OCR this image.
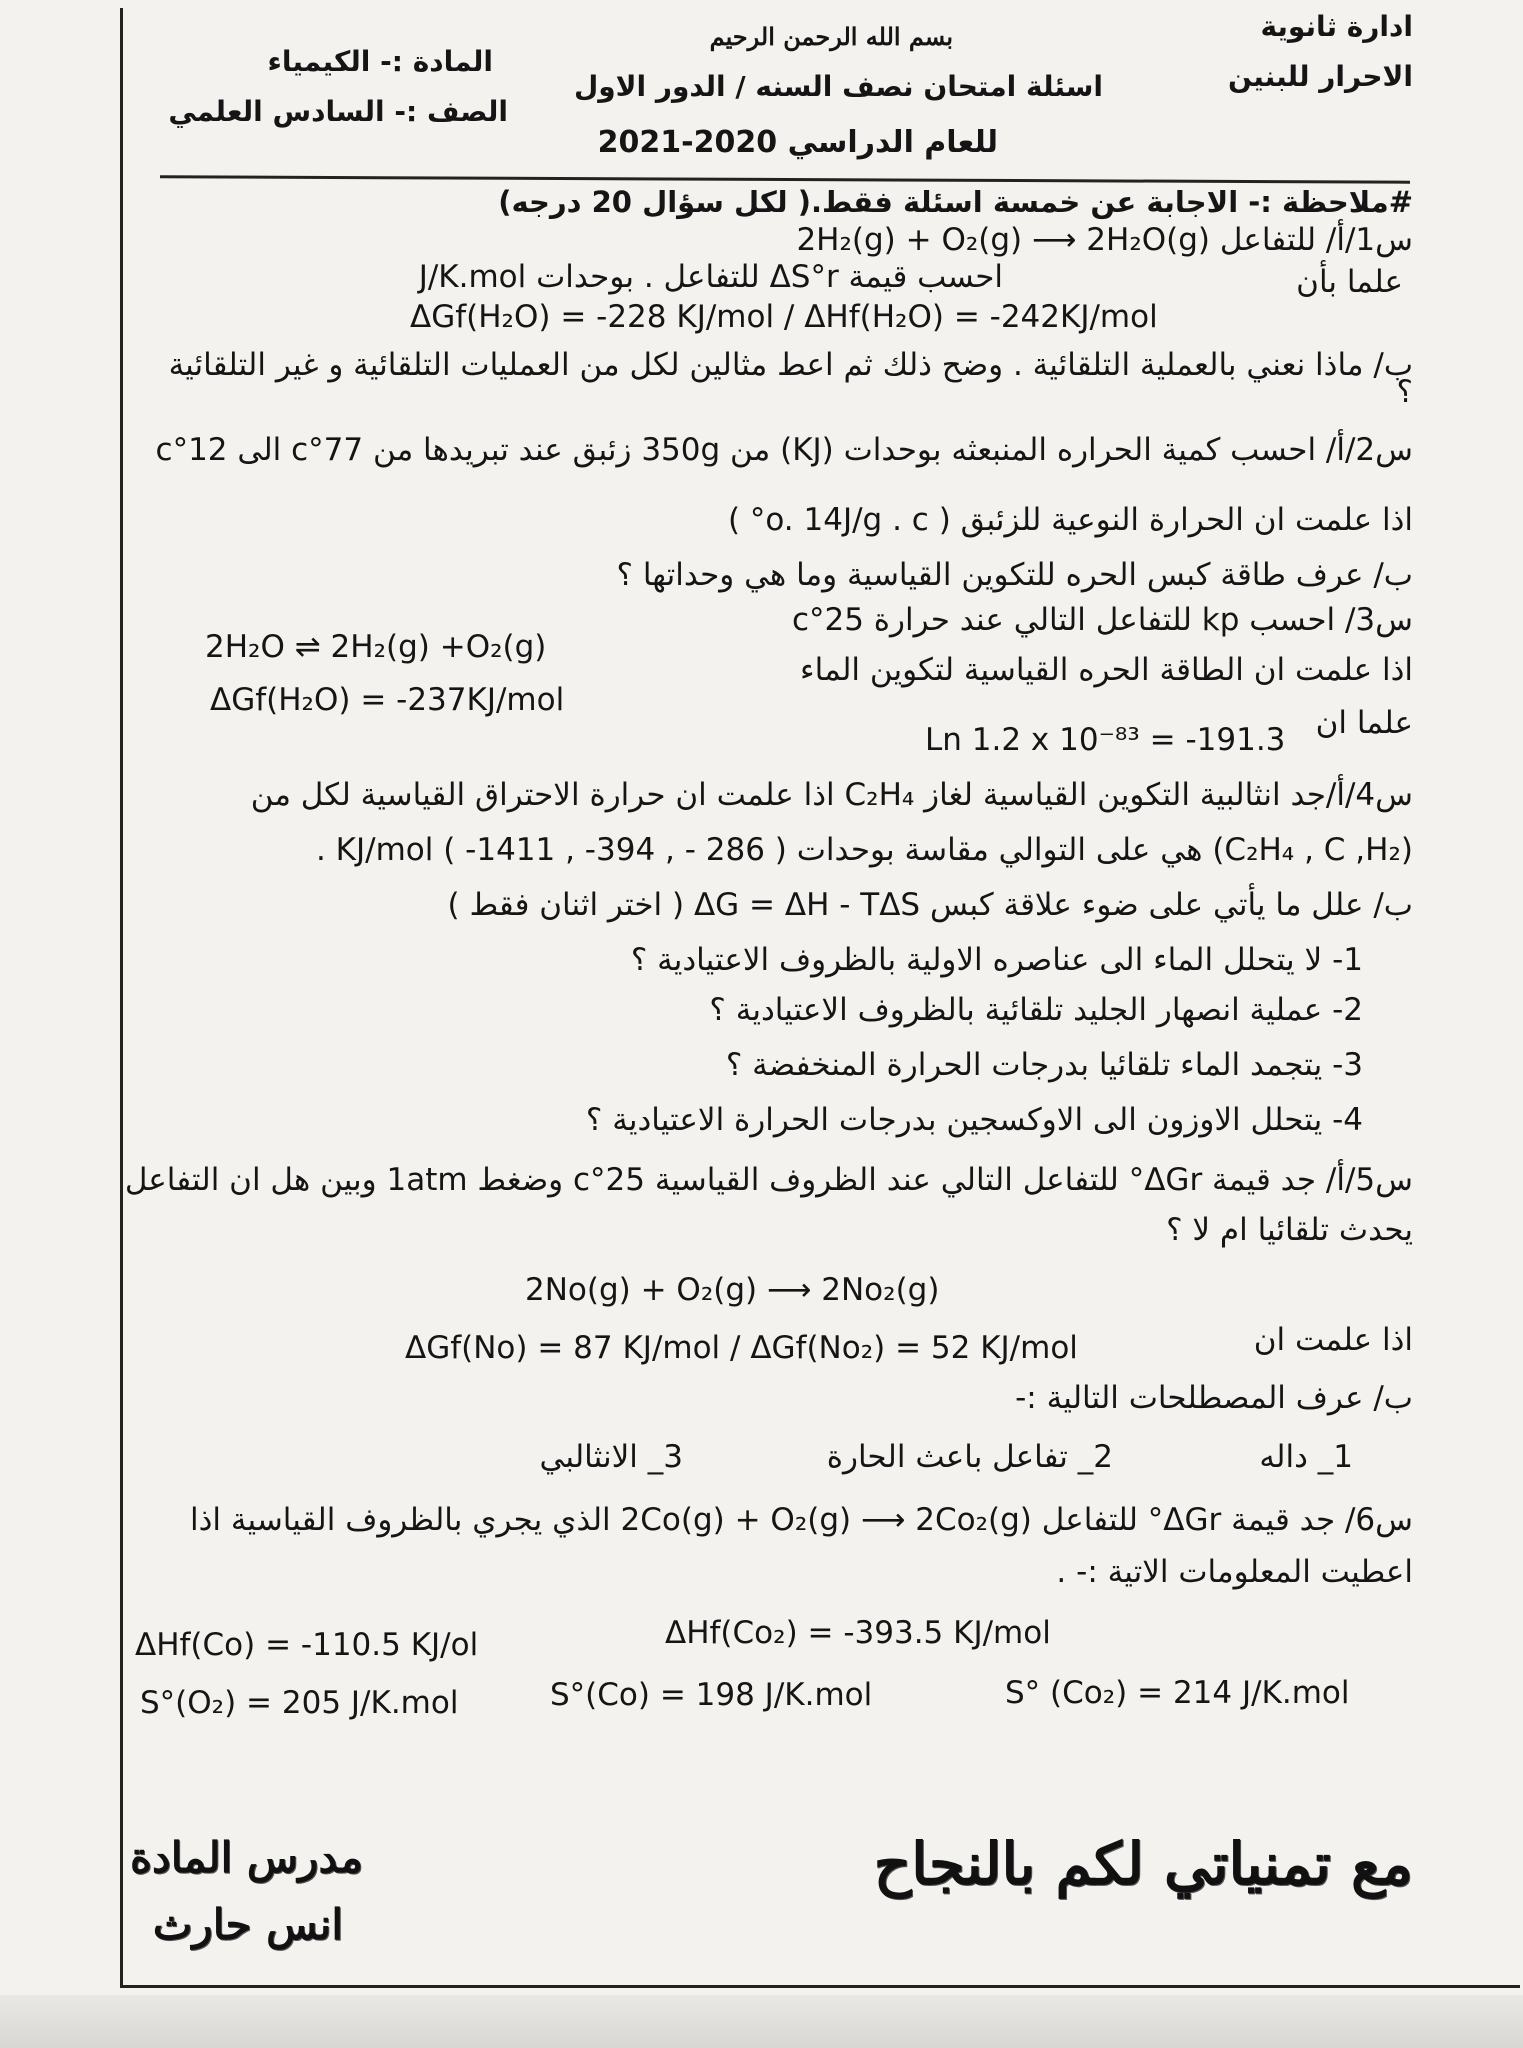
ادارة ثانوية
الاحرار للبنين
بسم الله الرحمن الرحيم
اسئلة امتحان نصف السنه / الدور الاول
للعام الدراسي 2020-2021
المادة :- الكيمياء
الصف :- السادس العلمي
#ملاحظة :- الاجابة عن خمسة اسئلة فقط.( لكل سؤال 20 درجه)
س1/أ/ للتفاعل 2H₂(g) + O₂(g) ⟶ 2H₂O(g)
احسب قيمة ΔS°r للتفاعل . بوحدات J/K.mol	علما بأن
ΔGf(H₂O) = -228 KJ/mol / ΔHf(H₂O) = -242KJ/mol
ب/ ماذا نعني بالعملية التلقائية . وضح ذلك ثم اعط مثالين لكل من العمليات التلقائية و غير التلقائية
؟
س2/أ/ احسب كمية الحراره المنبعثه بوحدات (KJ) من 350g زئبق عند تبريدها من 77°c الى 12°c
اذا علمت ان الحرارة النوعية للزئبق ( o. 14J/g . c° )
ب/ عرف طاقة كبس الحره للتكوين القياسية وما هي وحداتها ؟
س3/ احسب kp للتفاعل التالي عند حرارة 25°c
2H₂O ⇌ 2H₂(g) +O₂(g)
اذا علمت ان الطاقة الحره القياسية لتكوين الماء
ΔGf(H₂O) = -237KJ/mol
علما ان
Ln 1.2 x 10⁻⁸³ = -191.3
س4/أ/جد انثالبية التكوين القياسية لغاز C₂H₄ اذا علمت ان حرارة الاحتراق القياسية لكل من
(C₂H₄ , C ,H₂) هي على التوالي مقاسة بوحدات KJ/mol ( -1411 , -394 , - 286 ) .
ب/ علل ما يأتي على ضوء علاقة كبس ΔG = ΔH - TΔS ( اختر اثنان فقط )
1- لا يتحلل الماء الى عناصره الاولية بالظروف الاعتيادية ؟
2- عملية انصهار الجليد تلقائية بالظروف الاعتيادية ؟
3- يتجمد الماء تلقائيا بدرجات الحرارة المنخفضة ؟
4- يتحلل الاوزون الى الاوكسجين بدرجات الحرارة الاعتيادية ؟
س5/أ/ جد قيمة ΔGr° للتفاعل التالي عند الظروف القياسية 25°c وضغط 1atm وبين هل ان التفاعل
يحدث تلقائيا ام لا ؟
2No(g) + O₂(g) ⟶ 2No₂(g)
اذا علمت ان
ΔGf(No) = 87 KJ/mol / ΔGf(No₂) = 52 KJ/mol
ب/ عرف المصطلحات التالية :-
1_ داله
2_ تفاعل باعث الحارة
3_ الانثالبي
س6/ جد قيمة ΔGr° للتفاعل 2Co(g) + O₂(g) ⟶ 2Co₂(g) الذي يجري بالظروف القياسية اذا
اعطيت المعلومات الاتية :- .
ΔHf(Co) = -110.5 KJ/ol	ΔHf(Co₂) = -393.5 KJ/mol
S°(O₂) = 205 J/K.mol	S°(Co) = 198 J/K.mol	S° (Co₂) = 214 J/K.mol
مع تمنياتي لكم بالنجاح
مدرس المادة
انس حارث
